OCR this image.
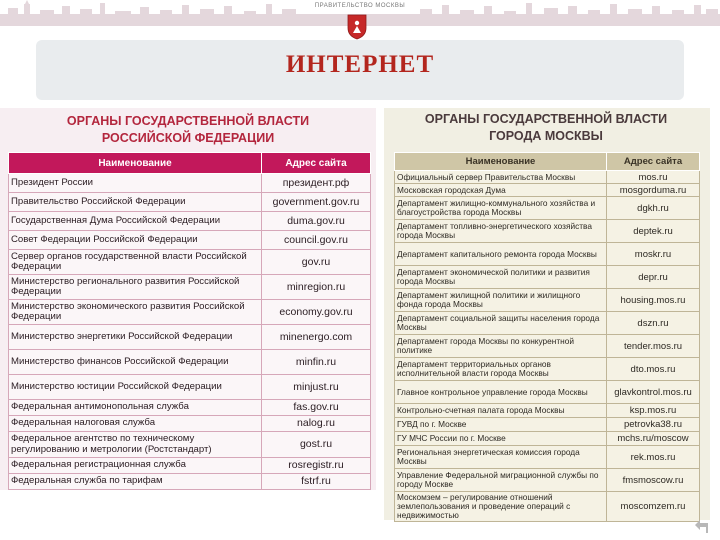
ПРАВИТЕЛЬСТВО МОСКВЫ
ИНТЕРНЕТ
ОРГАНЫ ГОСУДАРСТВЕННОЙ ВЛАСТИ
РОССИЙСКОЙ ФЕДЕРАЦИИ
Наименование	Адрес сайта
Президент России	президент.рф
Правительство Российской Федерации	government.gov.ru
Государственная Дума Российской Федерации	duma.gov.ru
Совет Федерации Российской Федерации	council.gov.ru
Сервер органов государственной власти Российской Федерации	gov.ru
Министерство регионального развития Российской Федерации	minregion.ru
Министерство экономического развития Российской Федерации	economy.gov.ru
Министерство энергетики Российской Федерации	minenergo.com
Министерство финансов Российской Федерации	minfin.ru
Министерство юстиции Российской Федерации	minjust.ru
Федеральная антимонопольная служба	fas.gov.ru
Федеральная налоговая служба	nalog.ru
Федеральное агентство по техническому регулированию и метрологии (Ростстандарт)	gost.ru
Федеральная регистрационная служба	rosregistr.ru
Федеральная служба по тарифам	fstrf.ru
ОРГАНЫ ГОСУДАРСТВЕННОЙ ВЛАСТИ
ГОРОДА МОСКВЫ
Наименование	Адрес сайта
Официальный сервер Правительства Москвы	mos.ru
Московская городская Дума	mosgorduma.ru
Департамент жилищно-коммунального хозяйства и благоустройства города Москвы	dgkh.ru
Департамент топливно-энергетического хозяйства города Москвы	deptek.ru
Департамент капитального ремонта города Москвы	moskr.ru
Департамент экономической политики и развития города Москвы	depr.ru
Департамент жилищной политики и жилищного фонда города Москвы	housing.mos.ru
Департамент социальной защиты населения города Москвы	dszn.ru
Департамент города Москвы по конкурентной политике	tender.mos.ru
Департамент территориальных органов исполнительной власти города Москвы	dto.mos.ru
Главное контрольное управление города Москвы	glavkontrol.mos.ru
Контрольно-счетная палата города Москвы	ksp.mos.ru
ГУВД по г. Москве	petrovka38.ru
ГУ МЧС России по г. Москве	mchs.ru/moscow
Региональная энергетическая комиссия города Москвы	rek.mos.ru
Управление Федеральной миграционной службы по городу Москве	fmsmoscow.ru
Москомзем – регулирование отношений землепользования и проведение операций с недвижимостью	moscomzem.ru
